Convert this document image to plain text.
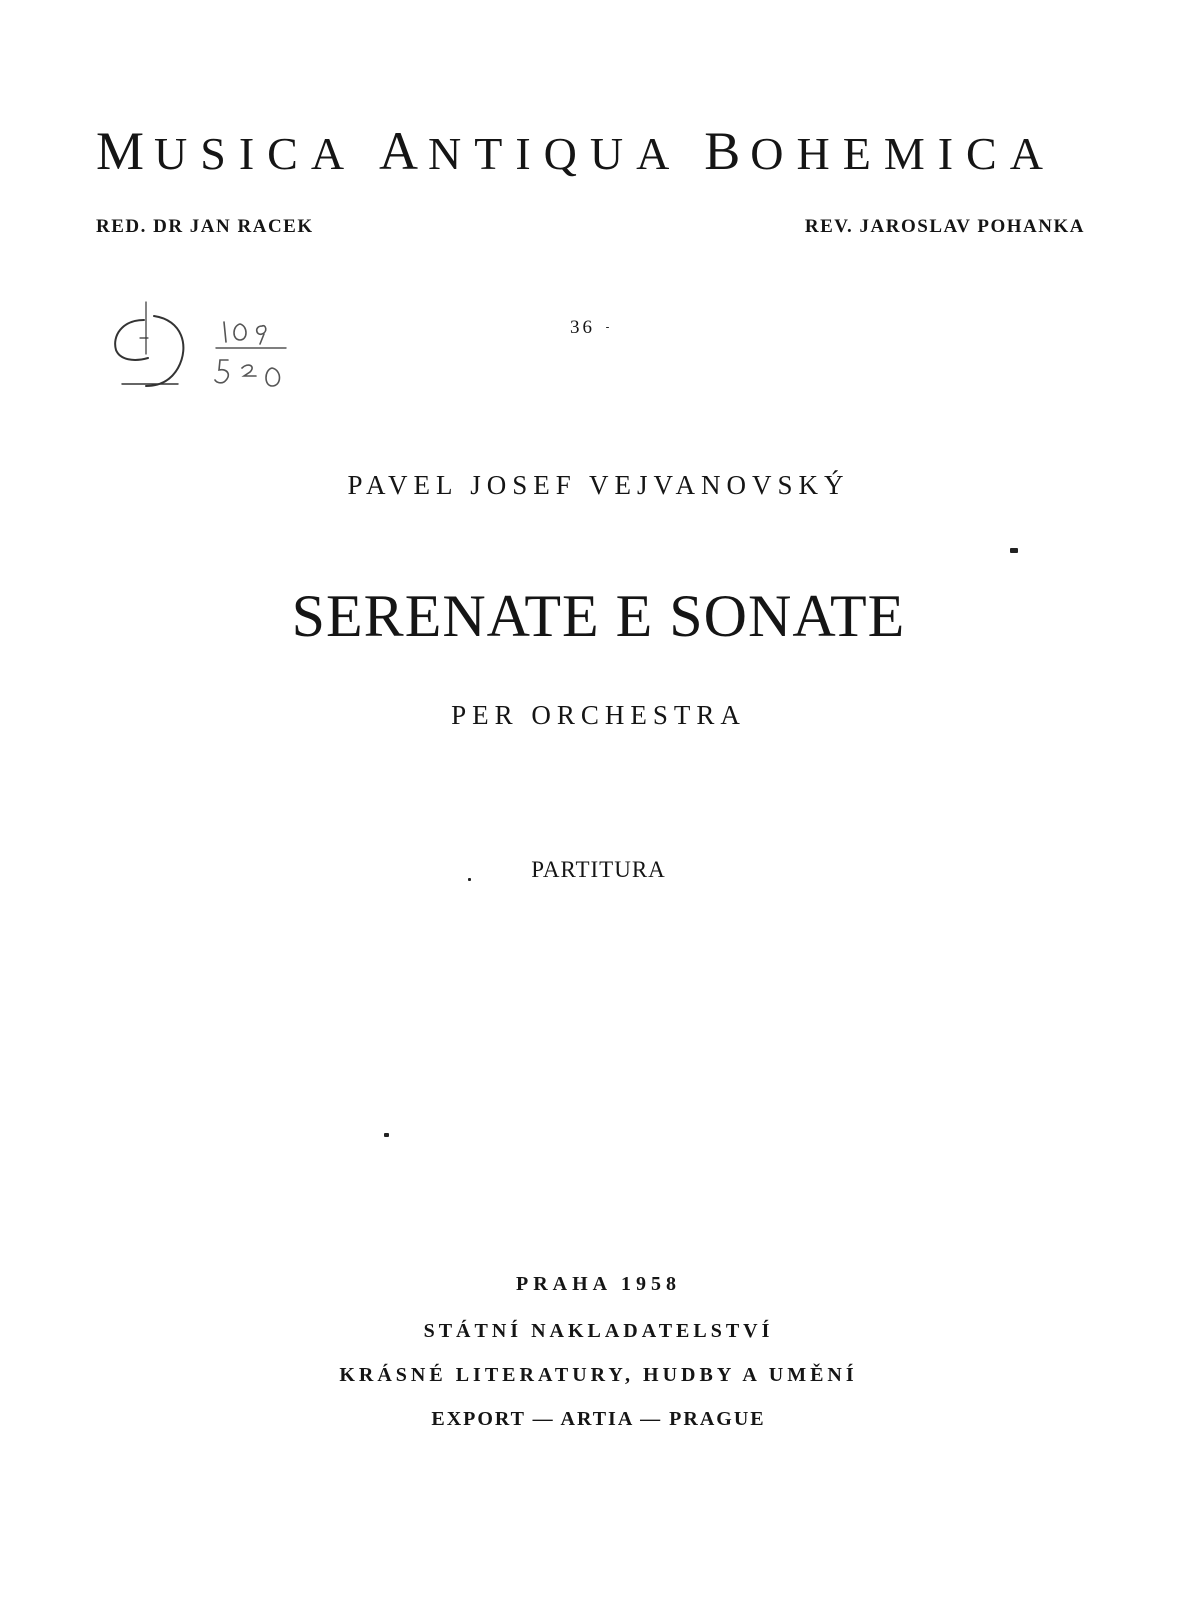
MUSICA ANTIQUA BOHEMICA
RED. DR JAN RACEK	REV. JAROSLAV POHANKA
36
PAVEL JOSEF VEJVANOVSKÝ
SERENATE E SONATE
PER ORCHESTRA
PARTITURA
PRAHA 1958
STÁTNÍ NAKLADATELSTVÍ
KRÁSNÉ LITERATURY, HUDBY A UMĚNÍ
EXPORT — ARTIA — PRAGUE
